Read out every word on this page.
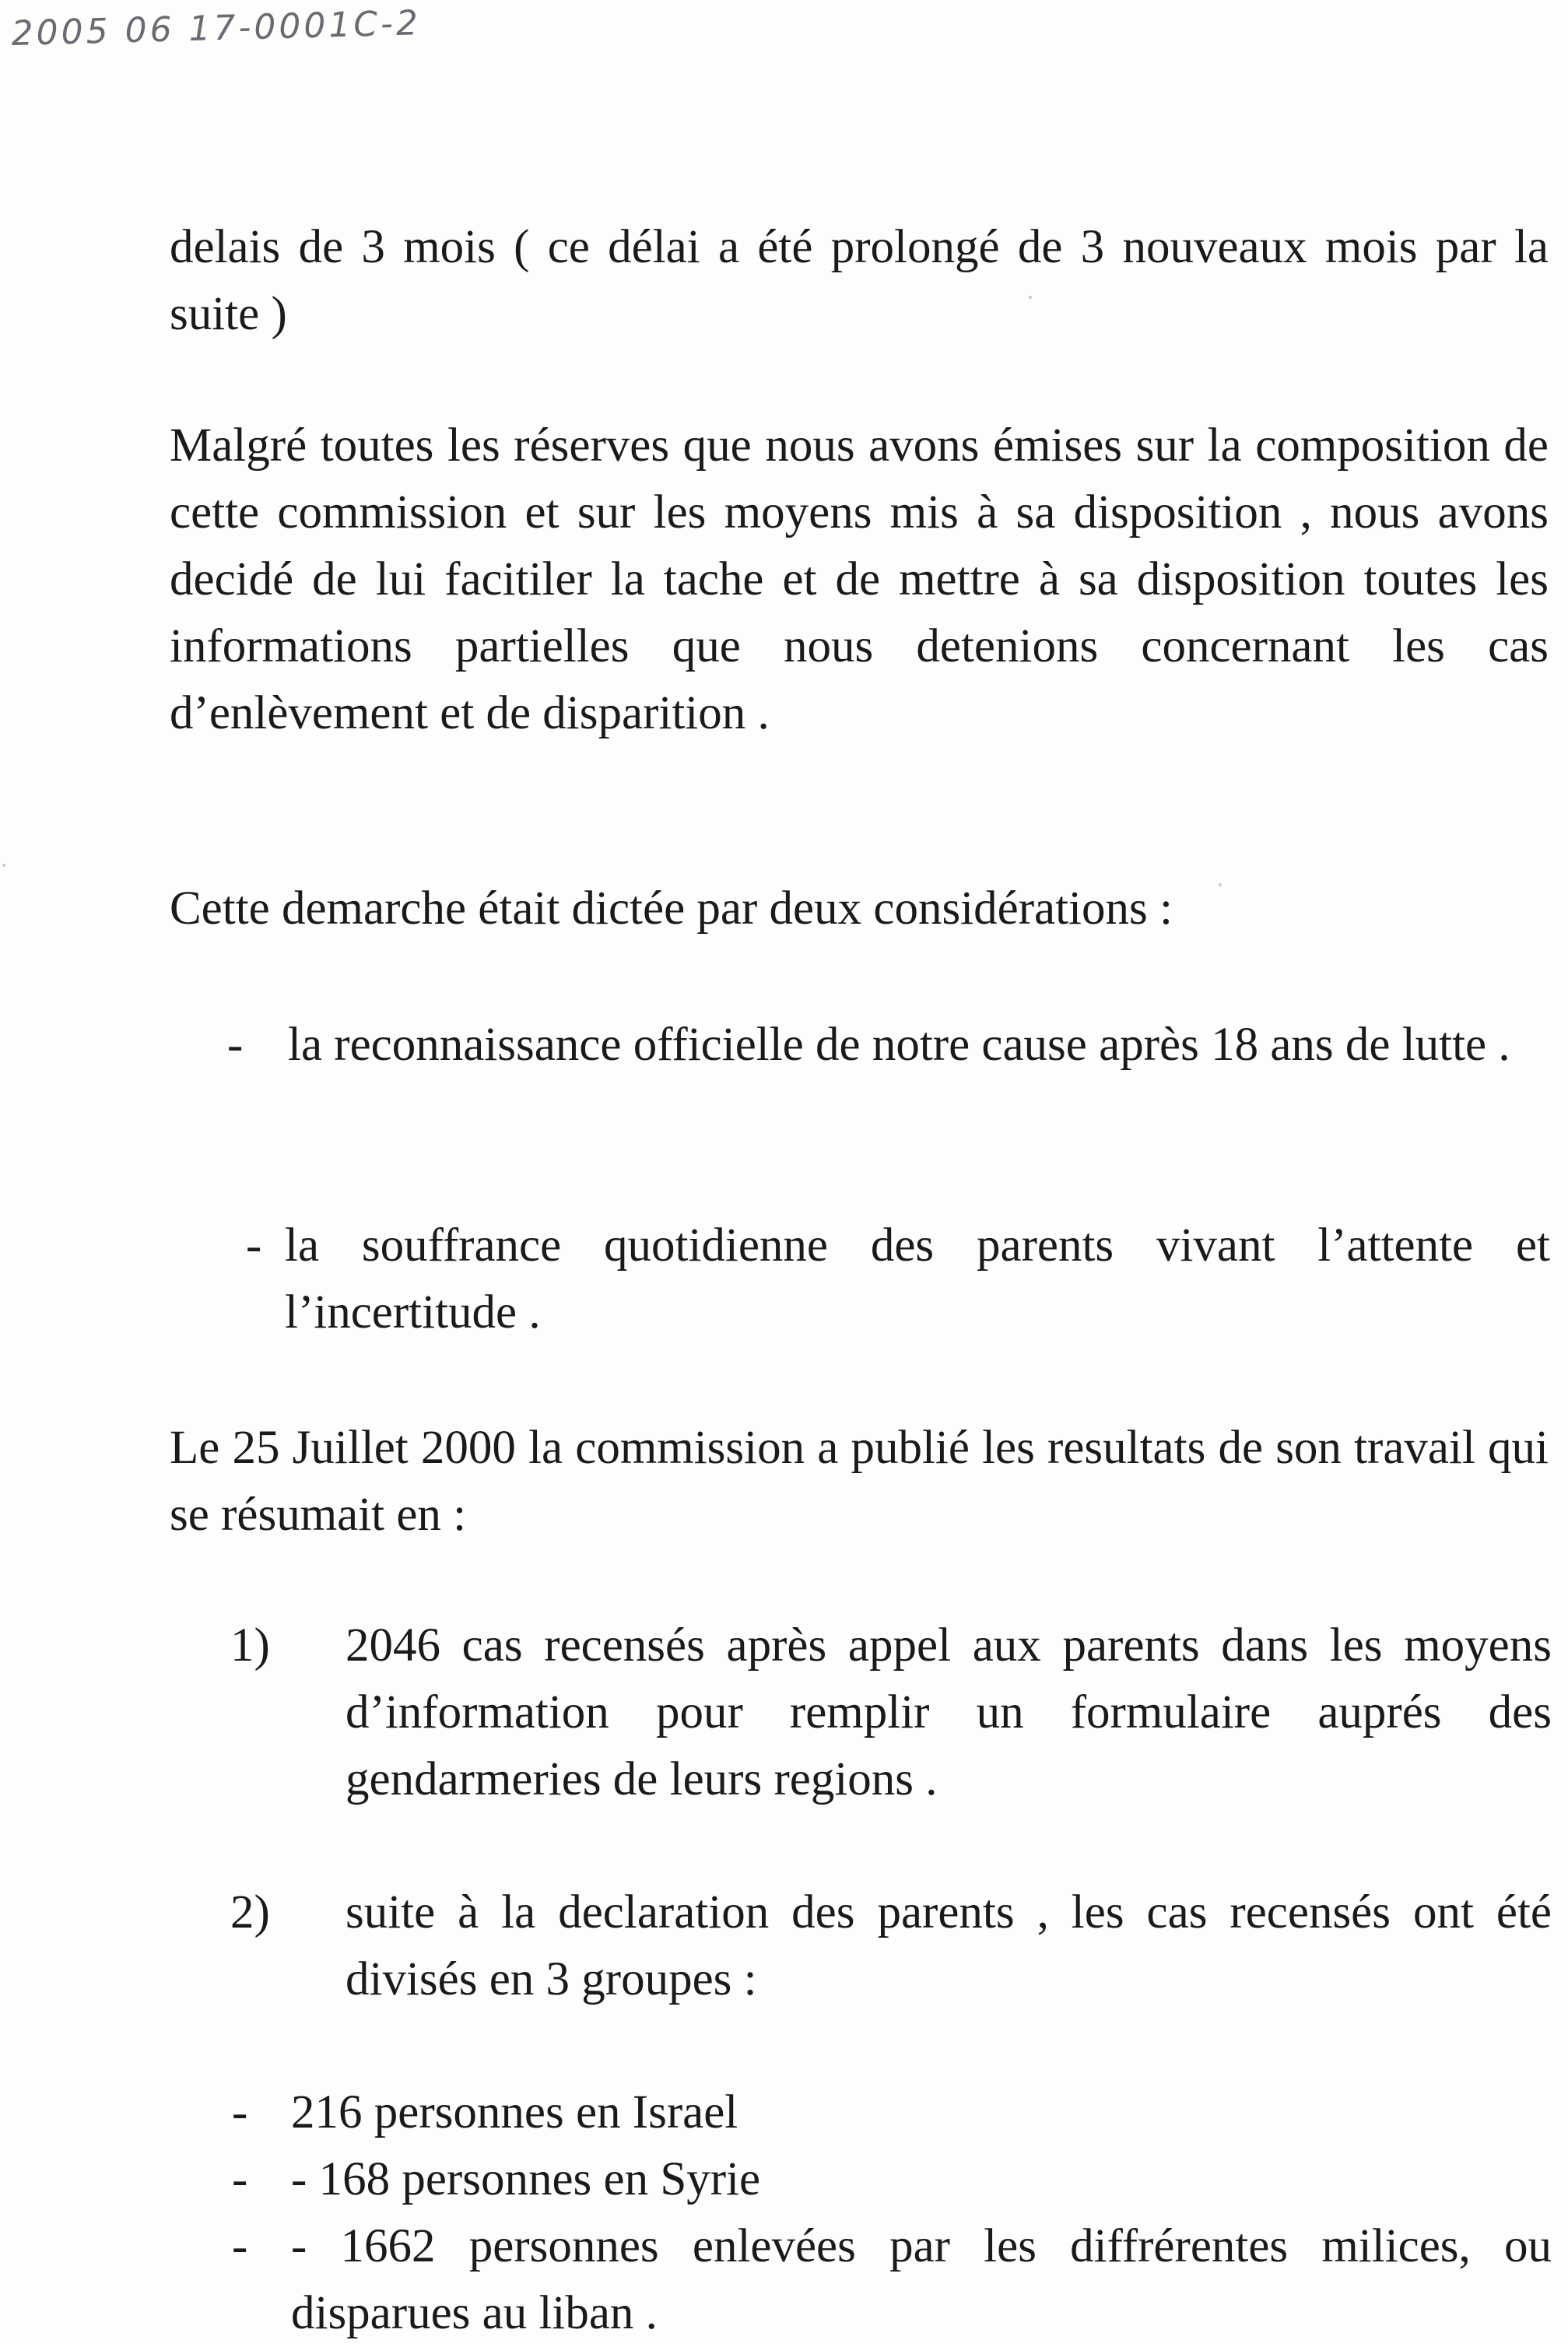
2005 06 17-0001C-2
delais de 3 mois ( ce délai a été prolongé de 3 nouveaux mois par la suite )
Malgré toutes les réserves que nous avons émises sur la composition de cette commission et sur les moyens mis à sa disposition , nous avons decidé de lui facitiler la tache et de mettre à sa disposition toutes les informations partielles que nous detenions concernant les cas d’enlèvement et de disparition .
Cette demarche était dictée par deux considérations :
- la reconnaissance officielle de notre cause après 18 ans de lutte .
- la souffrance quotidienne des parents vivant l’attente et l’incertitude .
Le 25 Juillet 2000 la commission a publié les resultats de son travail qui se résumait en :
1) 2046 cas recensés après appel aux parents dans les moyens d’information pour remplir un formulaire auprés des gendarmeries de leurs regions .
2) suite à la declaration des parents , les cas recensés ont été divisés en 3 groupes :
- 216 personnes en Israel
- - 168 personnes en Syrie
- - 1662 personnes enlevées par les diffrérentes milices, ou disparues au liban .
